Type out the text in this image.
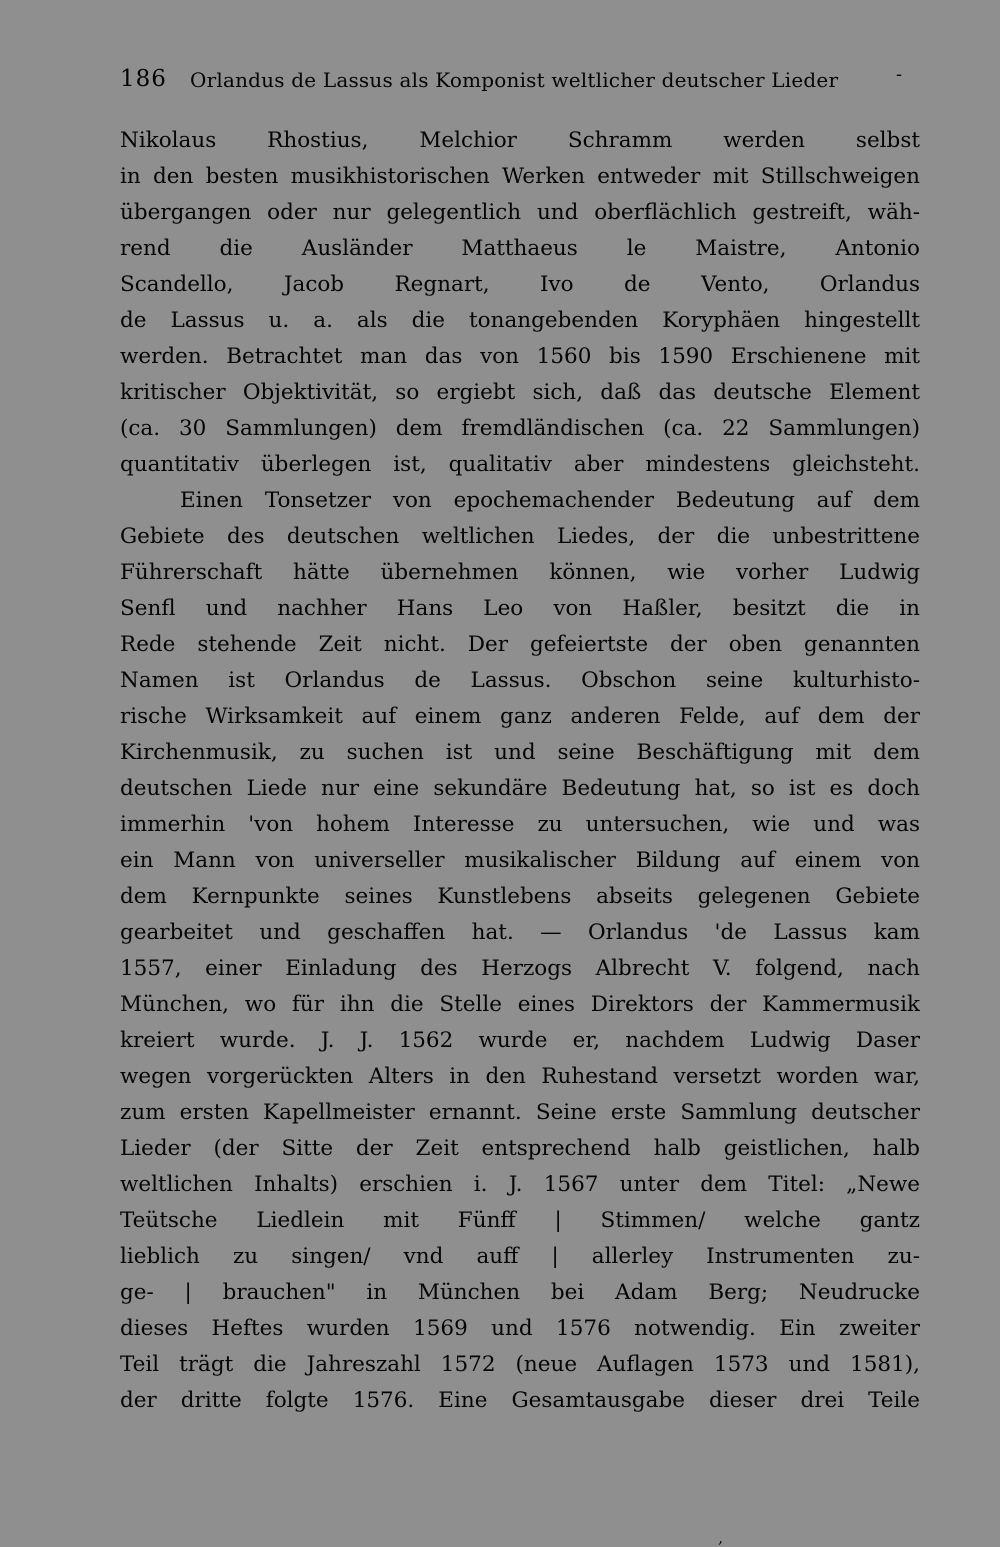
186 Orlandus de Lassus als Komponist weltlicher deutscher Lieder	-
Nikolaus Rhostius, Melchior Schramm werden selbst
in den besten musikhistorischen Werken entweder mit Stillschweigen
übergangen oder nur gelegentlich und oberflächlich gestreift, wäh-
rend die Ausländer Matthaeus le Maistre, Antonio
Scandello, Jacob Regnart, Ivo de Vento, Orlandus
de Lassus u. a. als die tonangebenden Koryphäen hingestellt
werden. Betrachtet man das von 1560 bis 1590 Erschienene mit
kritischer Objektivität, so ergiebt sich, daß das deutsche Element
(ca. 30 Sammlungen) dem fremdländischen (ca. 22 Sammlungen)
quantitativ überlegen ist, qualitativ aber mindestens gleichsteht.
Einen Tonsetzer von epochemachender Bedeutung auf dem
Gebiete des deutschen weltlichen Liedes, der die unbestrittene
Führerschaft hätte übernehmen können, wie vorher Ludwig
Senfl und nachher Hans Leo von Haßler, besitzt die in
Rede stehende Zeit nicht. Der gefeiertste der oben genannten
Namen ist Orlandus de Lassus. Obschon seine kulturhisto-
rische Wirksamkeit auf einem ganz anderen Felde, auf dem der
Kirchenmusik, zu suchen ist und seine Beschäftigung mit dem
deutschen Liede nur eine sekundäre Bedeutung hat, so ist es doch
immerhin 'von hohem Interesse zu untersuchen, wie und was
ein Mann von universeller musikalischer Bildung auf einem von
dem Kernpunkte seines Kunstlebens abseits gelegenen Gebiete
gearbeitet und geschaffen hat. — Orlandus 'de Lassus kam
1557, einer Einladung des Herzogs Albrecht V. folgend, nach
München, wo für ihn die Stelle eines Direktors der Kammermusik
kreiert wurde. J. J. 1562 wurde er, nachdem Ludwig Daser
wegen vorgerückten Alters in den Ruhestand versetzt worden war,
zum ersten Kapellmeister ernannt. Seine erste Sammlung deutscher
Lieder (der Sitte der Zeit entsprechend halb geistlichen, halb
weltlichen Inhalts) erschien i. J. 1567 unter dem Titel: „Newe
Teütsche Liedlein mit Fünff | Stimmen/ welche gantz
lieblich zu singen/ vnd auff | allerley Instrumenten zu-
ge- | brauchen" in München bei Adam Berg; Neudrucke
dieses Heftes wurden 1569 und 1576 notwendig. Ein zweiter
Teil trägt die Jahreszahl 1572 (neue Auflagen 1573 und 1581),
der dritte folgte 1576. Eine Gesamtausgabe dieser drei Teile
‚
